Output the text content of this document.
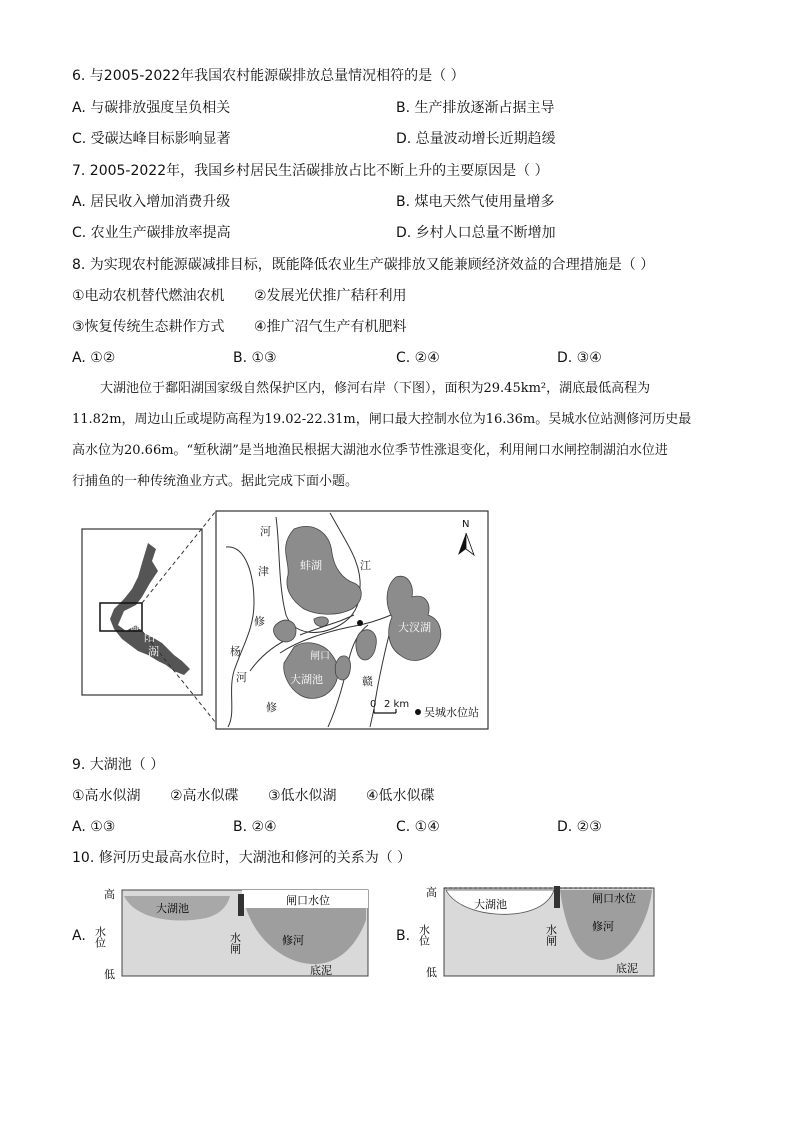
6. 与2005-2022年我国农村能源碳排放总量情况相符的是（ ）
A. 与碳排放强度呈负相关	B. 生产排放逐渐占据主导
C. 受碳达峰目标影响显著	D. 总量波动增长近期趋缓
7. 2005-2022年，我国乡村居民生活碳排放占比不断上升的主要原因是（ ）
A. 居民收入增加消费升级	B. 煤电天然气使用量增多
C. 农业生产碳排放率提高	D. 乡村人口总量不断增加
8. 为实现农村能源碳减排目标，既能降低农业生产碳排放又能兼顾经济效益的合理措施是（ ）
①电动农机替代燃油农机 ②发展光伏推广秸秆利用
③恢复传统生态耕作方式 ④推广沼气生产有机肥料
A. ①②	B. ①③	C. ②④	D. ③④
大湖池位于鄱阳湖国家级自然保护区内，修河右岸（下图），面积为29.45km²，湖底最低高程为
11.82m，周边山丘或堤防高程为19.02-22.31m，闸口最大控制水位为16.36m。吴城水位站测修河历史最
高水位为20.66m。“堑秋湖”是当地渔民根据大湖池水位季节性涨退变化，利用闸口水闸控制湖泊水位进
行捕鱼的一种传统渔业方式。据此完成下面小题。
鄱
阳
湖
河
津	蚌湖	江
修
杨
河
修
闸口
大湖池	赣
大汊湖
N
0 2 km
吴城水位站
9. 大湖池（ ）
①高水似湖 ②高水似碟 ③低水似湖 ④低水似碟
A. ①③	B. ②④	C. ①④	D. ②③
10. 修河历史最高水位时，大湖池和修河的关系为（ ）
A.
高
低
水位
大湖池
闸口水位
水闸	修河
底泥
B.
高
低
水位
大湖池	闸口水位
水闸	修河
底泥
